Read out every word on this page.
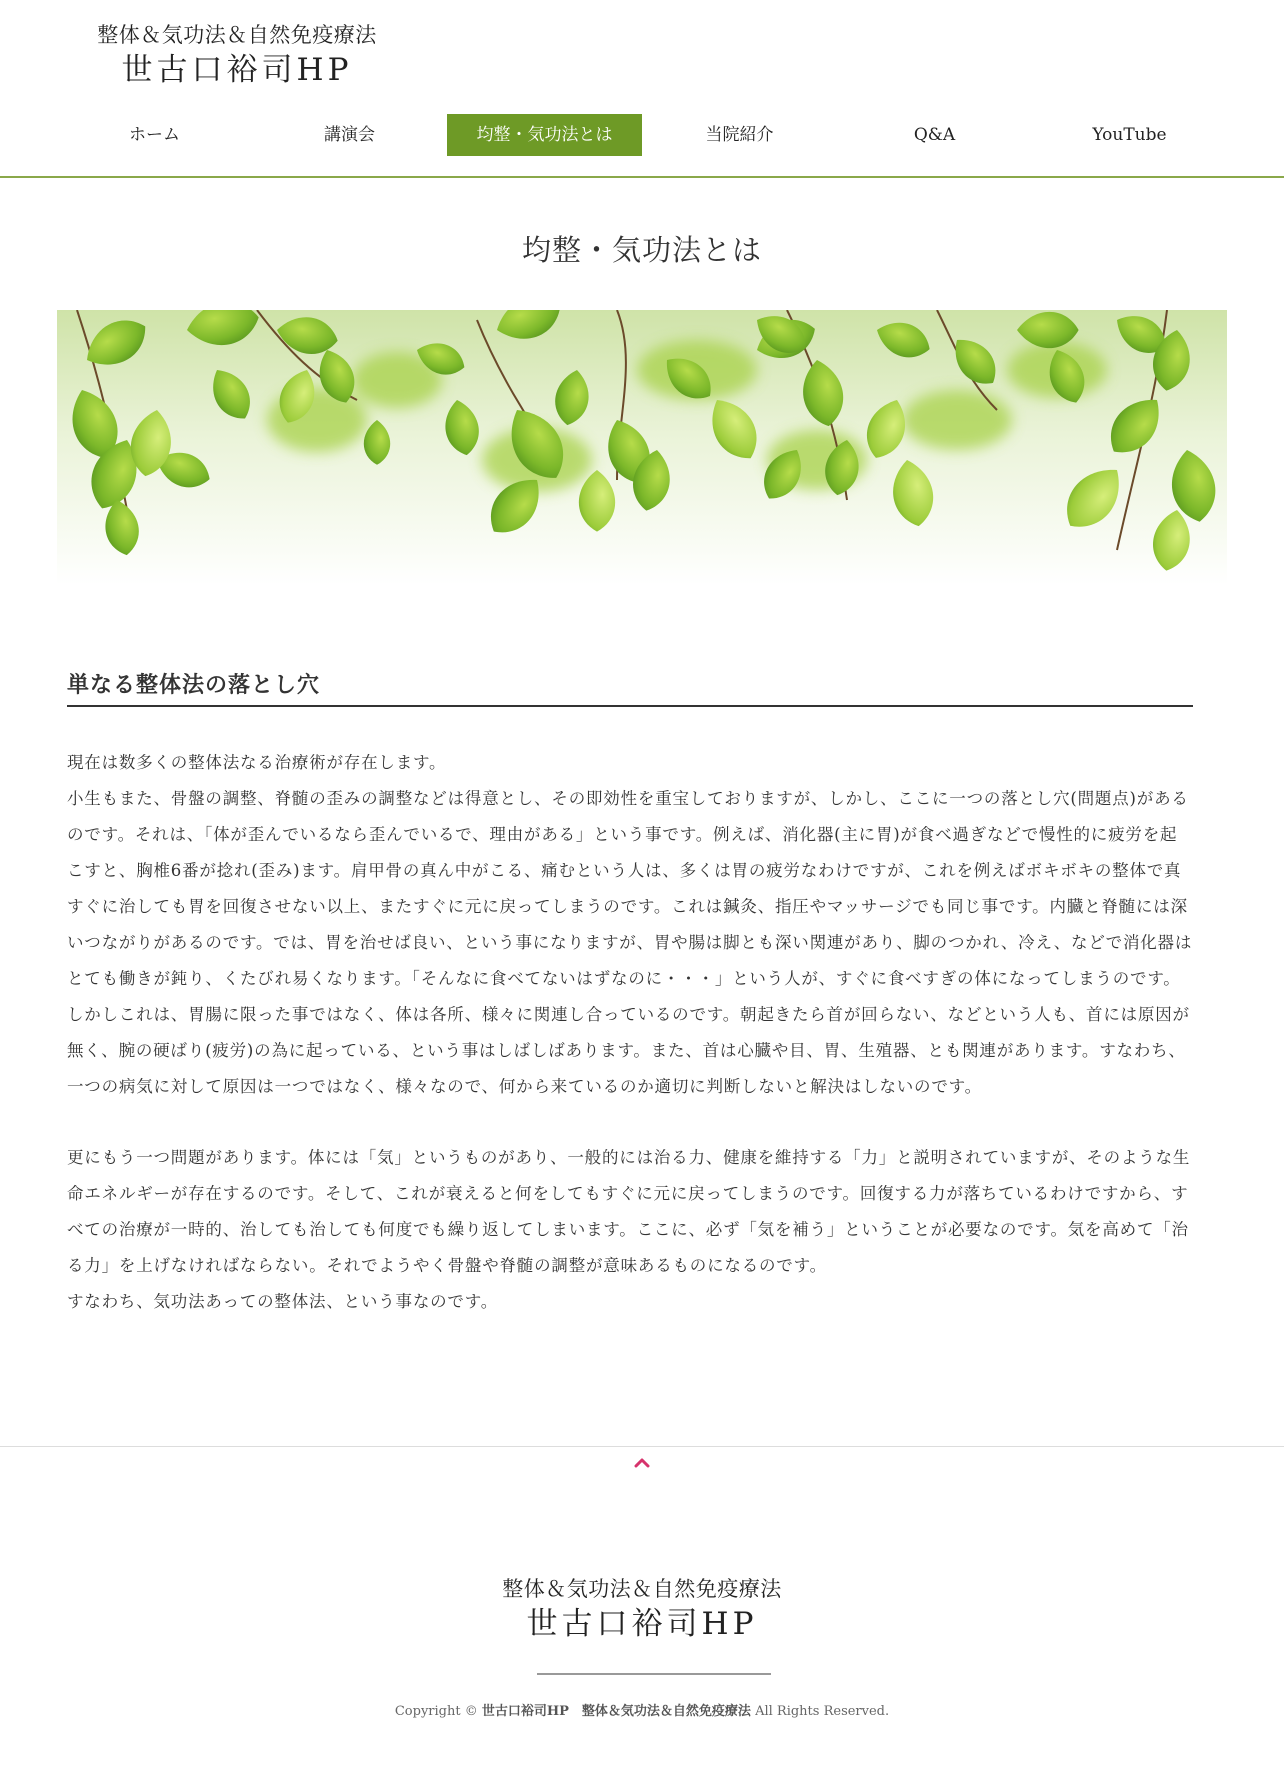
整体＆気功法＆自然免疫療法
世古口裕司HP
ホーム	講演会	均整・気功法とは	当院紹介	Q&A	YouTube
均整・気功法とは
単なる整体法の落とし穴

現在は数多くの整体法なる治療術が存在します。

小生もまた、骨盤の調整、脊髄の歪みの調整などは得意とし、その即効性を重宝しておりますが、しかし、ここに一つの落とし穴(問題点)があるのです。それは、「体が歪んでいるなら歪んでいるで、理由がある」という事です。例えば、消化器(主に胃)が食べ過ぎなどで慢性的に疲労を起こすと、胸椎6番が捻れ(歪み)ます。肩甲骨の真ん中がこる、痛むという人は、多くは胃の疲労なわけですが、これを例えばボキボキの整体で真すぐに治しても胃を回復させない以上、またすぐに元に戻ってしまうのです。これは鍼灸、指圧やマッサージでも同じ事です。内臓と脊髄には深いつながりがあるのです。では、胃を治せば良い、という事になりますが、胃や腸は脚とも深い関連があり、脚のつかれ、冷え、などで消化器はとても働きが鈍り、くたびれ易くなります。「そんなに食べてないはずなのに・・・」という人が、すぐに食べすぎの体になってしまうのです。しかしこれは、胃腸に限った事ではなく、体は各所、様々に関連し合っているのです。朝起きたら首が回らない、などという人も、首には原因が無く、腕の硬ばり(疲労)の為に起っている、という事はしばしばあります。また、首は心臓や目、胃、生殖器、とも関連があります。すなわち、一つの病気に対して原因は一つではなく、様々なので、何から来ているのか適切に判断しないと解決はしないのです。

更にもう一つ問題があります。体には「気」というものがあり、一般的には治る力、健康を維持する「力」と説明されていますが、そのような生命エネルギーが存在するのです。そして、これが衰えると何をしてもすぐに元に戻ってしまうのです。回復する力が落ちているわけですから、すべての治療が一時的、治しても治しても何度でも繰り返してしまいます。ここに、必ず「気を補う」ということが必要なのです。気を高めて「治る力」を上げなければならない。それでようやく骨盤や脊髄の調整が意味あるものになるのです。

すなわち、気功法あっての整体法、という事なのです。

整体＆気功法＆自然免疫療法
世古口裕司HP
Copyright © 世古口裕司HP　整体＆気功法＆自然免疫療法 All Rights Reserved.
